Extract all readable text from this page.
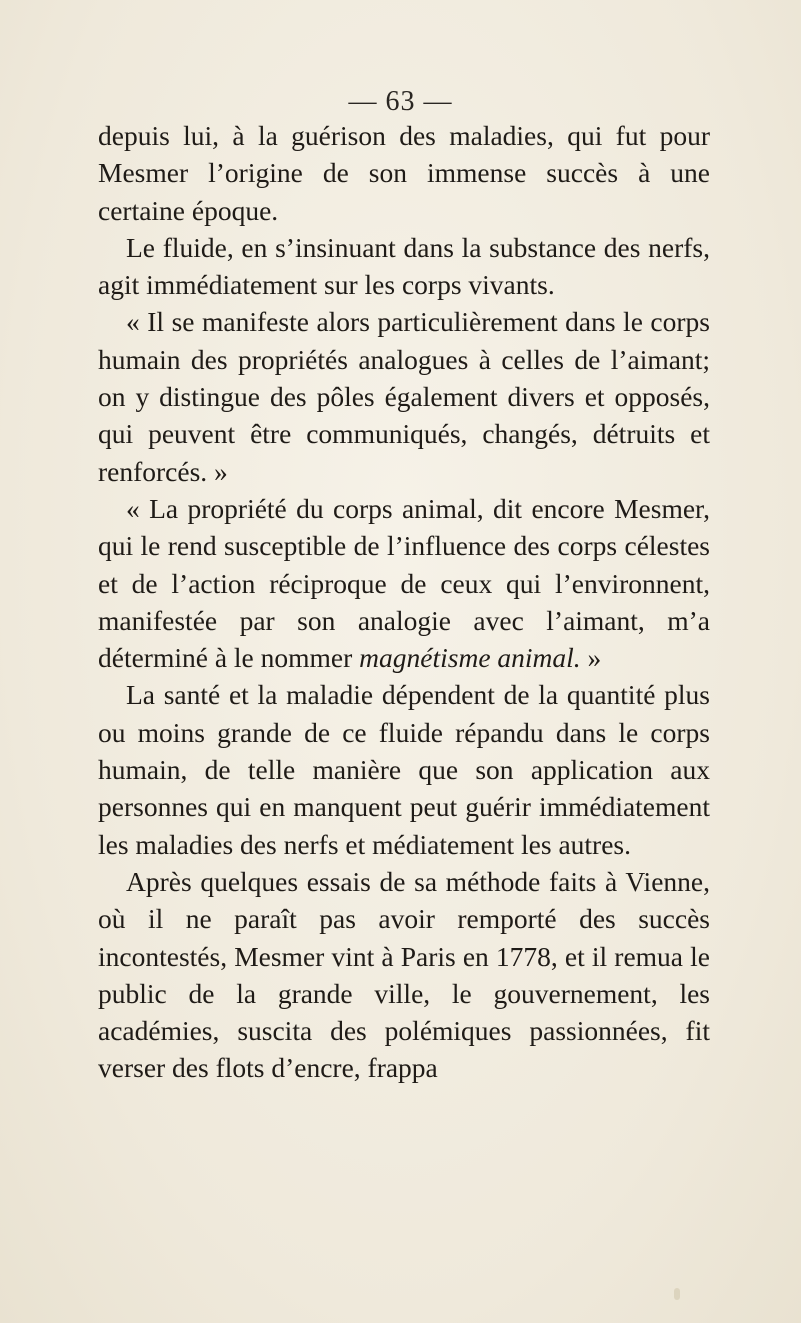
— 63 —

depuis lui, à la guérison des maladies, qui fut pour Mesmer l’origine de son immense succès à une certaine époque.

Le fluide, en s’insinuant dans la substance des nerfs, agit immédiatement sur les corps vivants.

« Il se manifeste alors particulièrement dans le corps humain des propriétés analogues à celles de l’aimant; on y distingue des pôles également divers et opposés, qui peuvent être communiqués, changés, détruits et renforcés. »

« La propriété du corps animal, dit encore Mesmer, qui le rend susceptible de l’influence des corps célestes et de l’action réciproque de ceux qui l’environnent, manifestée par son analogie avec l’aimant, m’a déterminé à le nommer magnétisme animal. »

La santé et la maladie dépendent de la quantité plus ou moins grande de ce fluide répandu dans le corps humain, de telle manière que son application aux personnes qui en manquent peut guérir immédiatement les maladies des nerfs et médiatement les autres.

Après quelques essais de sa méthode faits à Vienne, où il ne paraît pas avoir remporté des succès incontestés, Mesmer vint à Paris en 1778, et il remua le public de la grande ville, le gouvernement, les académies, suscita des polémiques passionnées, fit verser des flots d’encre, frappa
